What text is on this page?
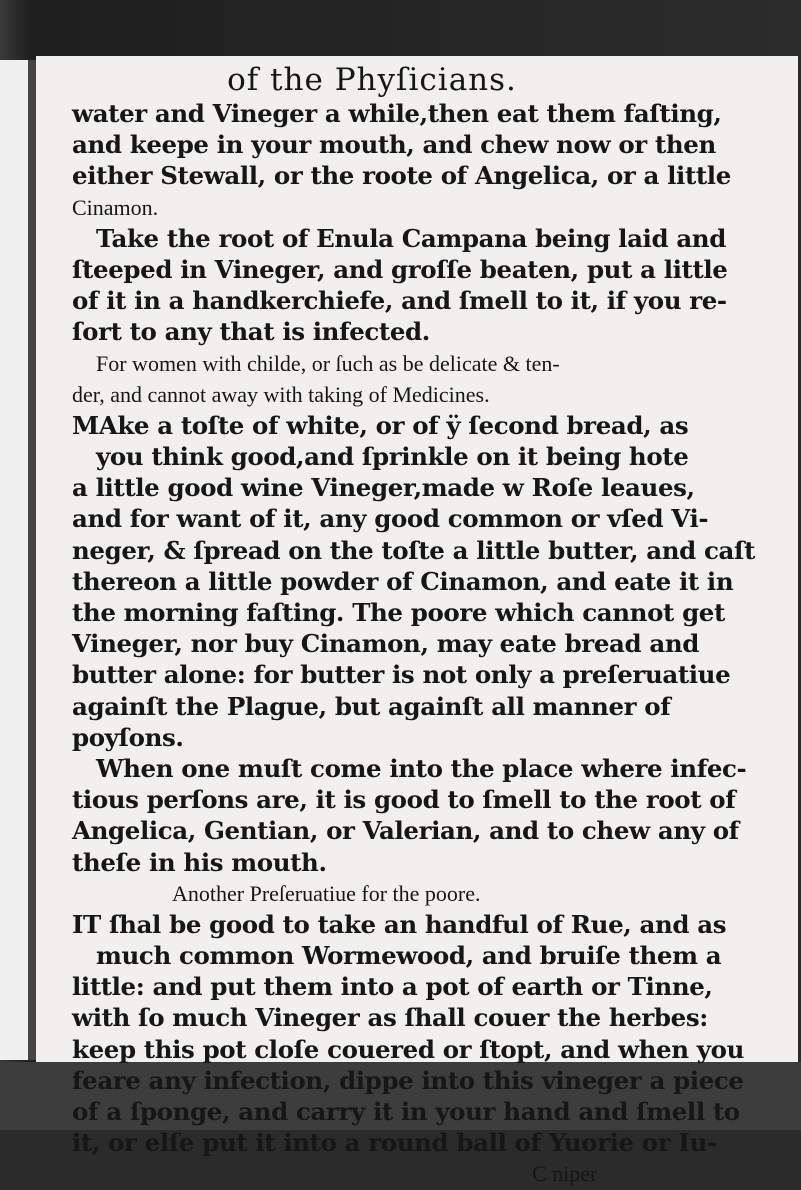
of the Phyſicians.
water and Vineger a while,then eat them faſting,
and keepe in your mouth, and chew now or then
either Stewall, or the roote of Angelica, or a little
Cinamon.
Take the root of Enula Campana being laid and
ſteeped in Vineger, and groſſe beaten, put a little
of it in a handkerchiefe, and ſmell to it, if you re-
ſort to any that is infected.
For women with childe, or ſuch as be delicate & ten-
der, and cannot away with taking of Medicines.
MAke a toſte of white, or of ÿ ſecond bread, as
you think good,and ſprinkle on it being hote
a little good wine Vineger,made w Roſe leaues,
and for want of it, any good common or vſed Vi-
neger, & ſpread on the toſte a little butter, and caſt
thereon a little powder of Cinamon, and eate it in
the morning faſting. The poore which cannot get
Vineger, nor buy Cinamon, may eate bread and
butter alone: for butter is not only a preſeruatiue
againſt the Plague, but againſt all manner of
poyſons.
When one muſt come into the place where infec-
tious perſons are, it is good to ſmell to the root of
Angelica, Gentian, or Valerian, and to chew any of
theſe in his mouth.
Another Preſeruatiue for the poore.
IT ſhal be good to take an handful of Rue, and as
much common Wormewood, and bruiſe them a
little: and put them into a pot of earth or Tinne,
with ſo much Vineger as ſhall couer the herbes:
keep this pot cloſe couered or ſtopt, and when you
feare any infection, dippe into this vineger a piece
of a ſponge, and carry it in your hand and ſmell to
it, or elſe put it into a round ball of Yuorie or Iu-
C niper
